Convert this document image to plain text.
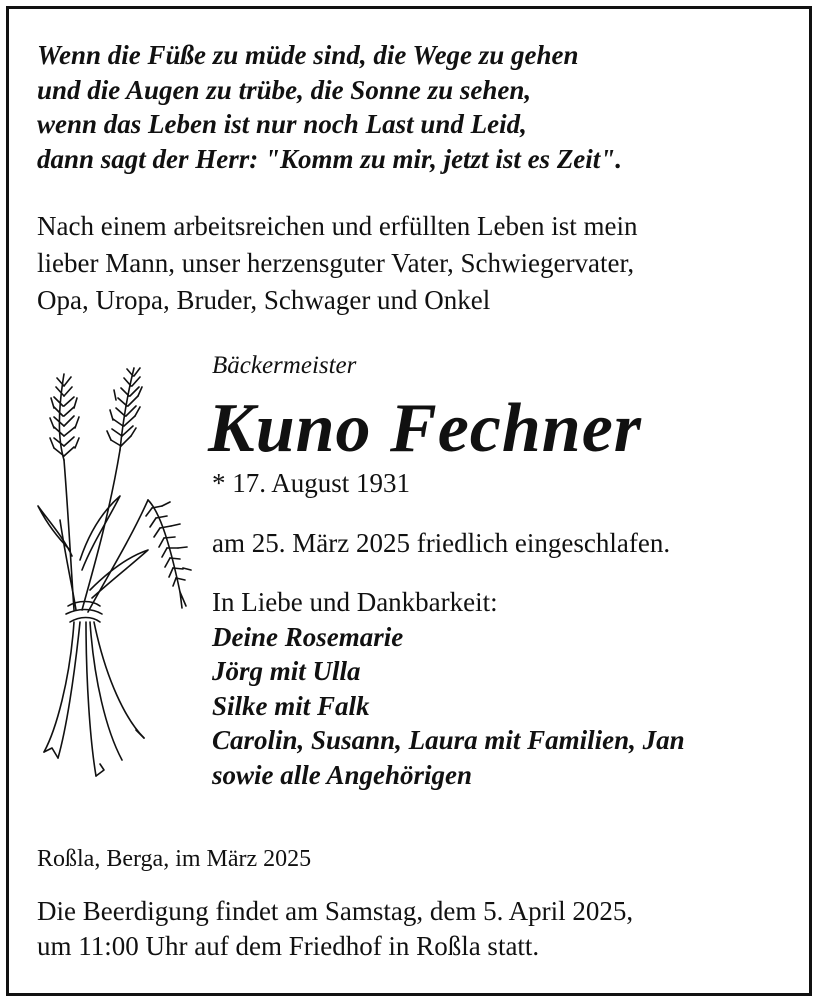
Wenn die Füße zu müde sind, die Wege zu gehen
und die Augen zu trübe, die Sonne zu sehen,
wenn das Leben ist nur noch Last und Leid,
dann sagt der Herr: "Komm zu mir, jetzt ist es Zeit".
Nach einem arbeitsreichen und erfüllten Leben ist mein
lieber Mann, unser herzensguter Vater, Schwiegervater,
Opa, Uropa, Bruder, Schwager und Onkel
Bäckermeister
Kuno Fechner
* 17. August 1931
am 25. März 2025 friedlich eingeschlafen.
In Liebe und Dankbarkeit:
Deine Rosemarie
Jörg mit Ulla
Silke mit Falk
Carolin, Susann, Laura mit Familien, Jan
sowie alle Angehörigen
Roßla, Berga, im März 2025
Die Beerdigung findet am Samstag, dem 5. April 2025,
um 11:00 Uhr auf dem Friedhof in Roßla statt.
